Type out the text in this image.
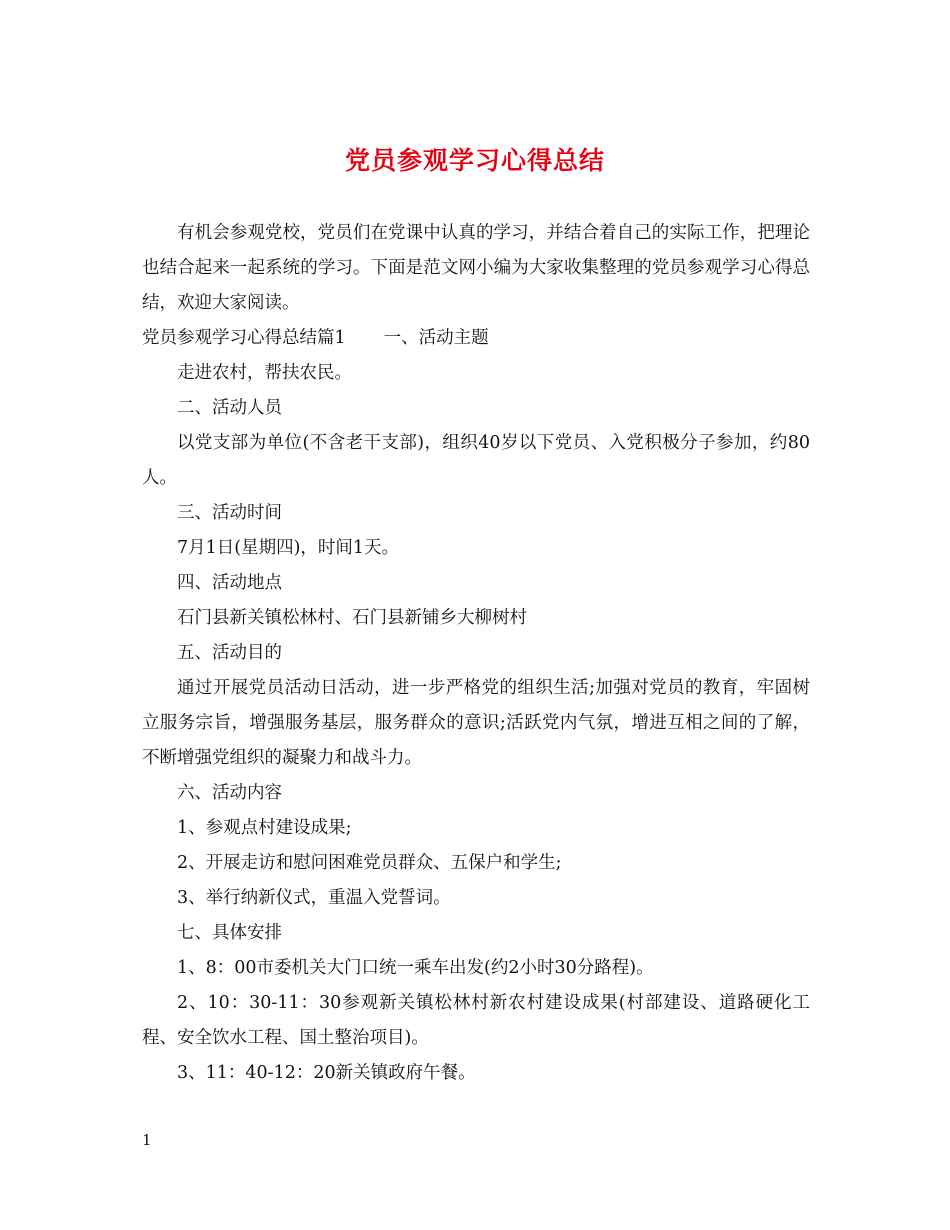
党员参观学习心得总结

有机会参观党校，党员们在党课中认真的学习，并结合着自己的实际工作，把理论也结合起来一起系统的学习。下面是范文网小编为大家收集整理的党员参观学习心得总结，欢迎大家阅读。

党员参观学习心得总结篇1 一、活动主题

走进农村，帮扶农民。

二、活动人员

以党支部为单位(不含老干支部)，组织40岁以下党员、入党积极分子参加，约80人。

三、活动时间

7月1日(星期四)，时间1天。

四、活动地点

石门县新关镇松林村、石门县新铺乡大柳树村

五、活动目的

通过开展党员活动日活动，进一步严格党的组织生活;加强对党员的教育，牢固树立服务宗旨，增强服务基层，服务群众的意识;活跃党内气氛，增进互相之间的了解，不断增强党组织的凝聚力和战斗力。

六、活动内容

1、参观点村建设成果;

2、开展走访和慰问困难党员群众、五保户和学生;

3、举行纳新仪式，重温入党誓词。

七、具体安排

1、8：00市委机关大门口统一乘车出发(约2小时30分路程)。

2、10：30-11：30参观新关镇松林村新农村建设成果(村部建设、道路硬化工程、安全饮水工程、国土整治项目)。

3、11：40-12：20新关镇政府午餐。

1
